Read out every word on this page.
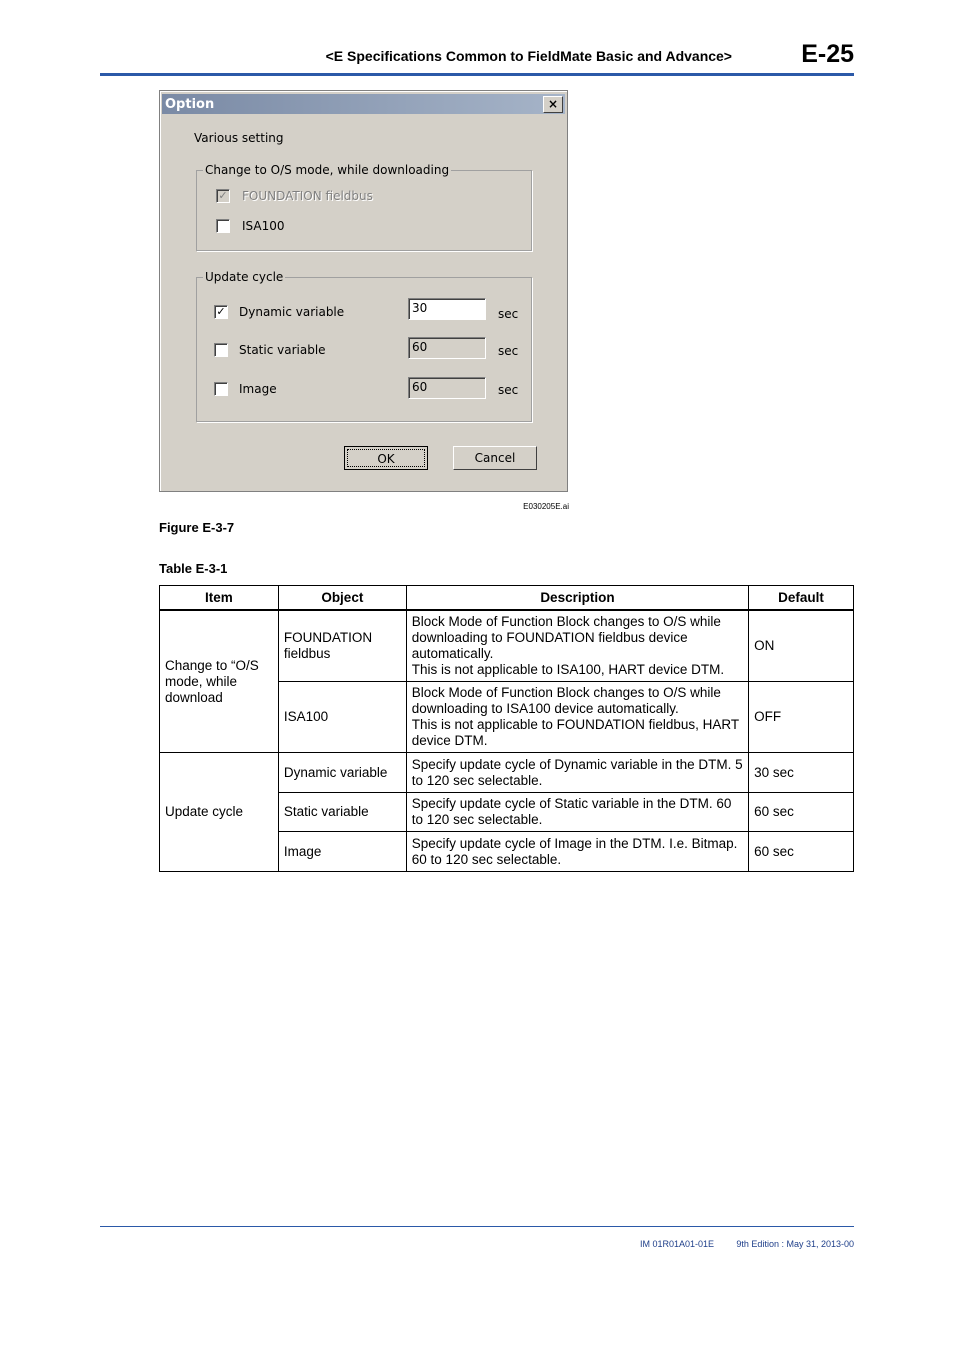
<E Specifications Common to FieldMate Basic and Advance>	E-25
Option	×
Various setting
Change to O/S mode, while downloading
✓ FOUNDATION fieldbus
ISA100
Update cycle
✓ Dynamic variable	30	sec
Static variable	60	sec
Image	60	sec
OK	Cancel
E030205E.ai
Figure E-3-7
Table E-3-1
Item	Object	Description	Default
Change to “O/S mode, while download	FOUNDATION fieldbus	Block Mode of Function Block changes to O/S while downloading to FOUNDATION fieldbus device automatically.
This is not applicable to ISA100, HART device DTM.	ON
	ISA100	Block Mode of Function Block changes to O/S while downloading to ISA100 device automatically.
This is not applicable to FOUNDATION fieldbus, HART device DTM.	OFF
Update cycle	Dynamic variable	Specify update cycle of Dynamic variable in the DTM. 5 to 120 sec selectable.	30 sec
	Static variable	Specify update cycle of Static variable in the DTM. 60 to 120 sec selectable.	60 sec
	Image	Specify update cycle of Image in the DTM. I.e. Bitmap. 60 to 120 sec selectable.	60 sec
IM 01R01A01-01E	9th Edition : May 31, 2013-00
